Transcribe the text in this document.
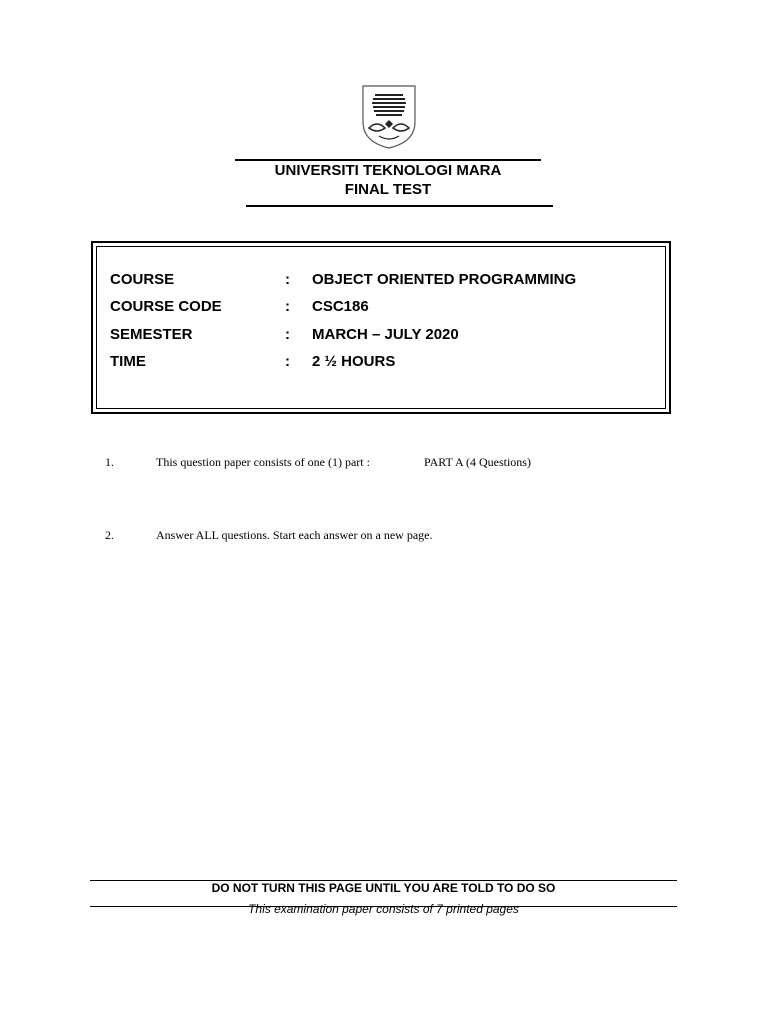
UNIVERSITI TEKNOLOGI MARA
FINAL TEST
COURSE	: OBJECT ORIENTED PROGRAMMING
COURSE CODE	: CSC186
SEMESTER	: MARCH – JULY 2020
TIME	: 2 ½ HOURS
1.	This question paper consists of one (1) part :	PART A (4 Questions)
2.	Answer ALL questions. Start each answer on a new page.
DO NOT TURN THIS PAGE UNTIL YOU ARE TOLD TO DO SO
This examination paper consists of 7 printed pages
